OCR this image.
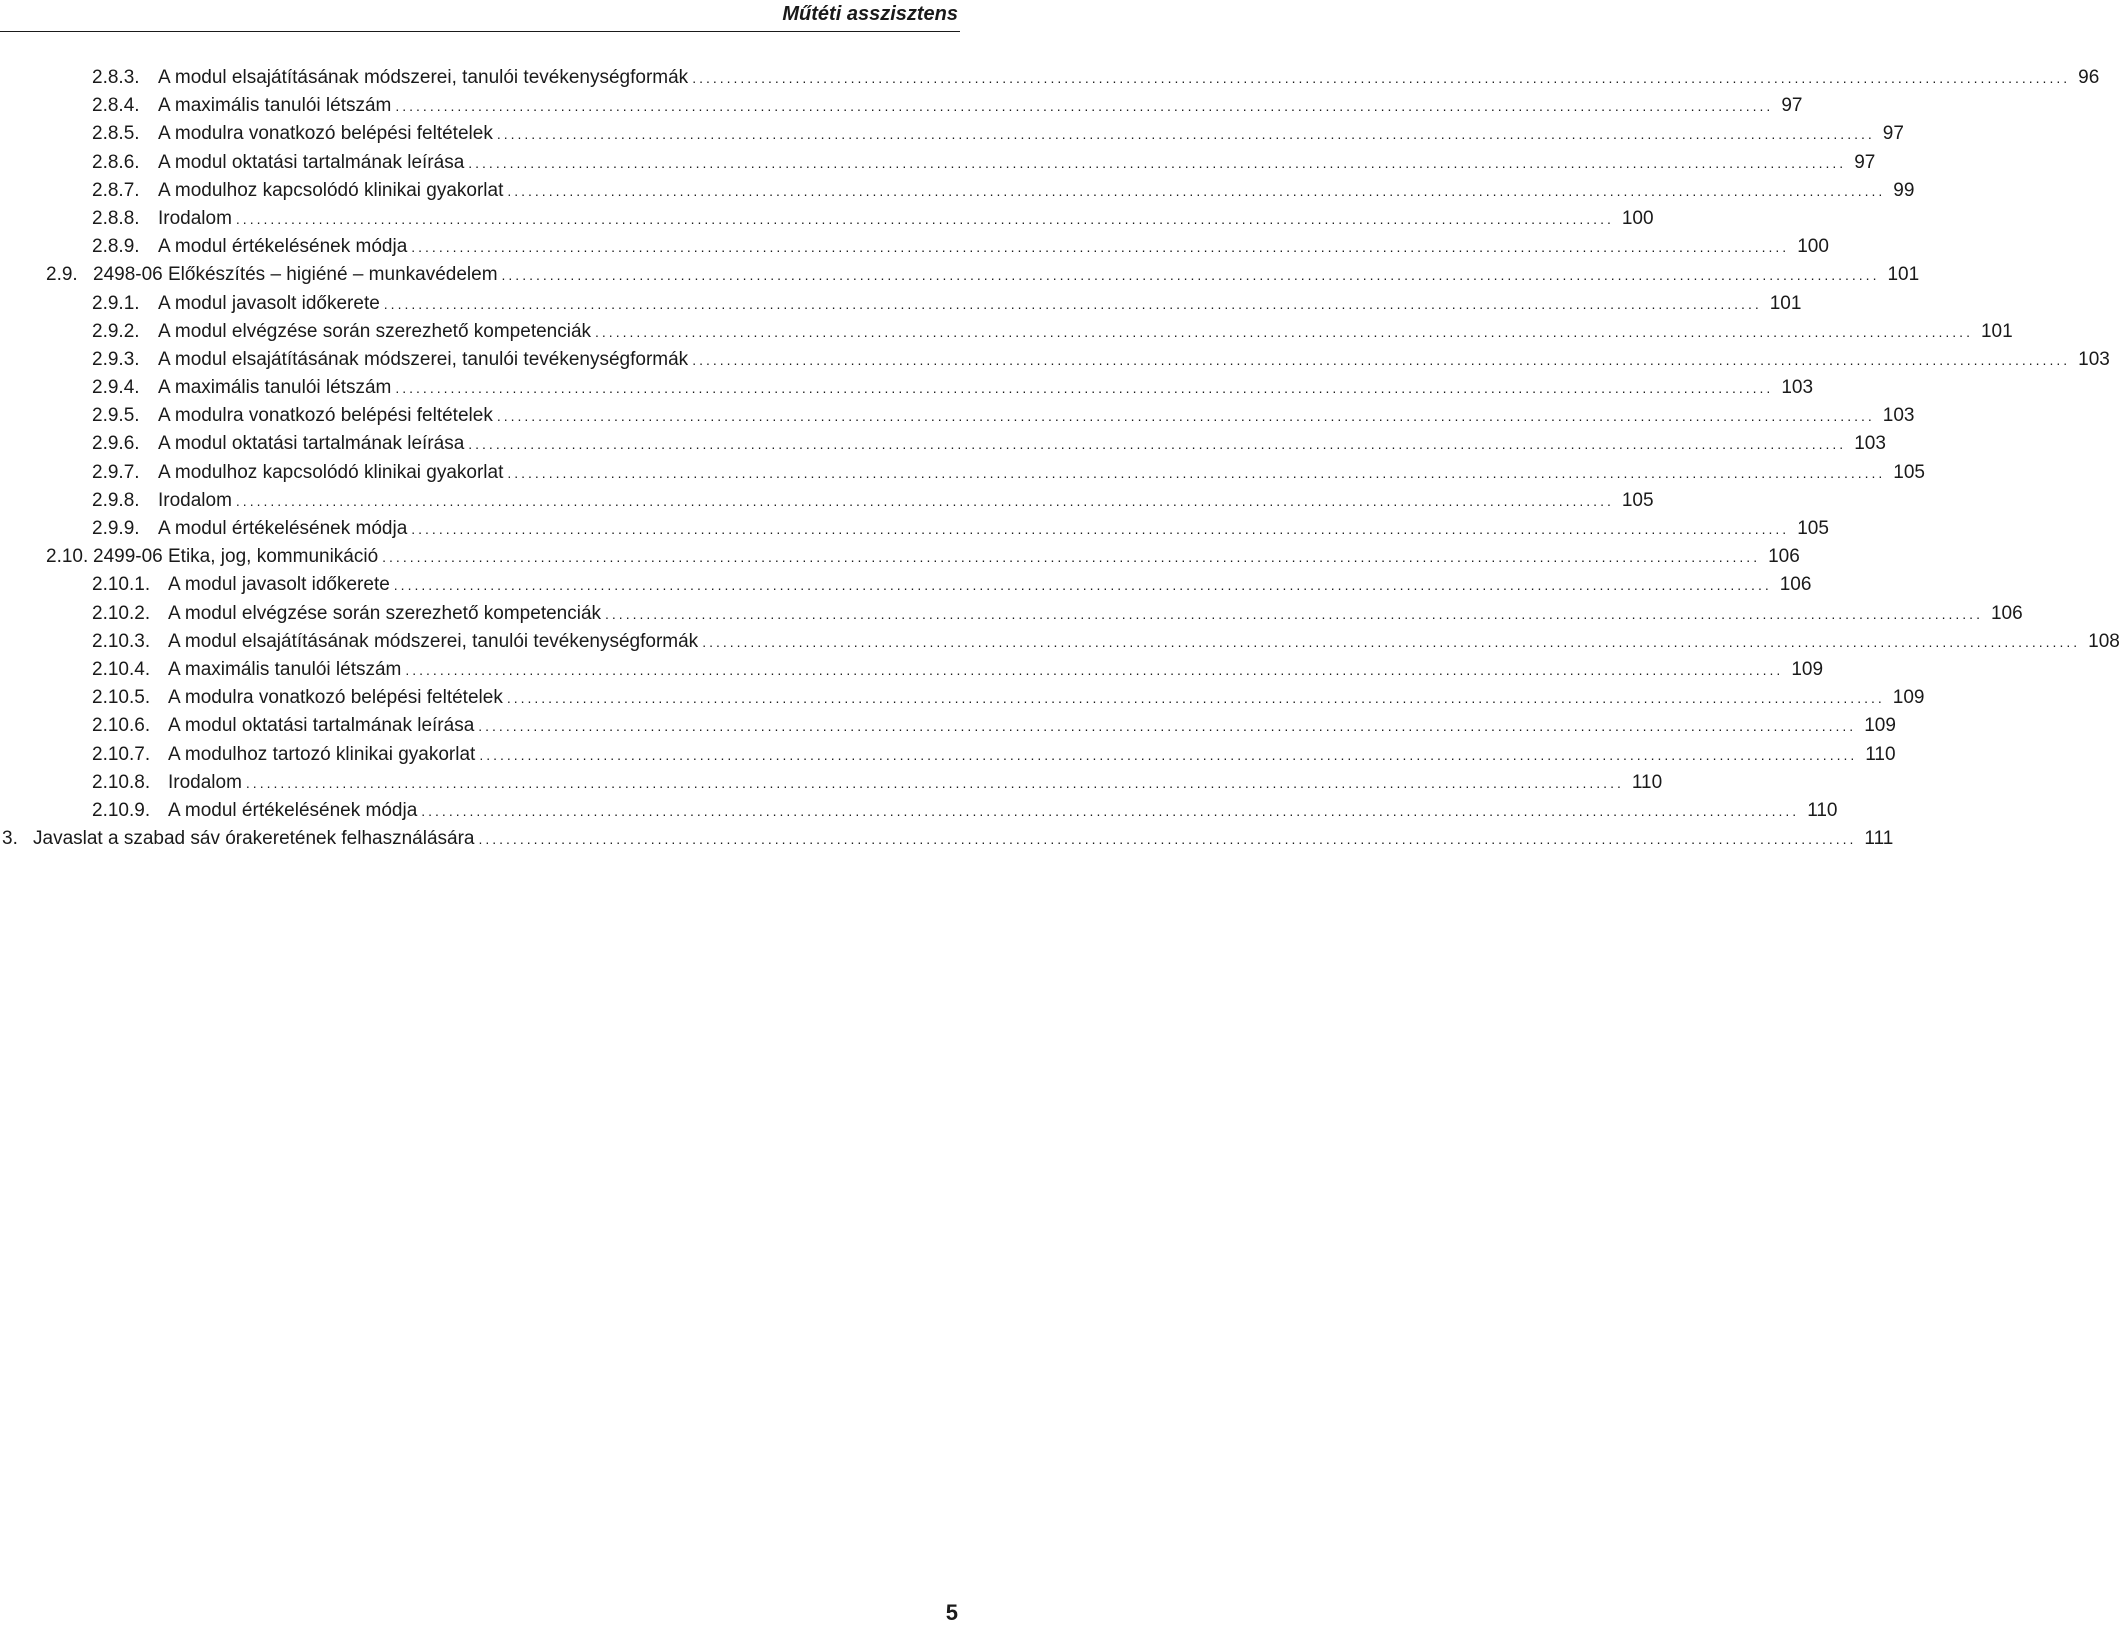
Műtéti asszisztens
2.8.3. A modul elsajátításának módszerei, tanulói tevékenységformák ........................................................................................................................................................................................................ 96
2.8.4. A maximális tanulói létszám ........................................................................................................................................................................................................ 97
2.8.5. A modulra vonatkozó belépési feltételek ........................................................................................................................................................................................................ 97
2.8.6. A modul oktatási tartalmának leírása ........................................................................................................................................................................................................ 97
2.8.7. A modulhoz kapcsolódó klinikai gyakorlat ........................................................................................................................................................................................................ 99
2.8.8. Irodalom ........................................................................................................................................................................................................ 100
2.8.9. A modul értékelésének módja ........................................................................................................................................................................................................ 100
2.9. 2498-06 Előkészítés – higiéné – munkavédelem ........................................................................................................................................................................................................ 101
2.9.1. A modul javasolt időkerete ........................................................................................................................................................................................................ 101
2.9.2. A modul elvégzése során szerezhető kompetenciák ........................................................................................................................................................................................................ 101
2.9.3. A modul elsajátításának módszerei, tanulói tevékenységformák ........................................................................................................................................................................................................ 103
2.9.4. A maximális tanulói létszám ........................................................................................................................................................................................................ 103
2.9.5. A modulra vonatkozó belépési feltételek ........................................................................................................................................................................................................ 103
2.9.6. A modul oktatási tartalmának leírása ........................................................................................................................................................................................................ 103
2.9.7. A modulhoz kapcsolódó klinikai gyakorlat ........................................................................................................................................................................................................ 105
2.9.8. Irodalom ........................................................................................................................................................................................................ 105
2.9.9. A modul értékelésének módja ........................................................................................................................................................................................................ 105
2.10. 2499-06 Etika, jog, kommunikáció ........................................................................................................................................................................................................ 106
2.10.1. A modul javasolt időkerete ........................................................................................................................................................................................................ 106
2.10.2. A modul elvégzése során szerezhető kompetenciák ........................................................................................................................................................................................................ 106
2.10.3. A modul elsajátításának módszerei, tanulói tevékenységformák ........................................................................................................................................................................................................ 108
2.10.4. A maximális tanulói létszám ........................................................................................................................................................................................................ 109
2.10.5. A modulra vonatkozó belépési feltételek ........................................................................................................................................................................................................ 109
2.10.6. A modul oktatási tartalmának leírása ........................................................................................................................................................................................................ 109
2.10.7. A modulhoz tartozó klinikai gyakorlat ........................................................................................................................................................................................................ 110
2.10.8. Irodalom ........................................................................................................................................................................................................ 110
2.10.9. A modul értékelésének módja ........................................................................................................................................................................................................ 110
3. Javaslat a szabad sáv órakeretének felhasználására ........................................................................................................................................................................................................ 111
5
